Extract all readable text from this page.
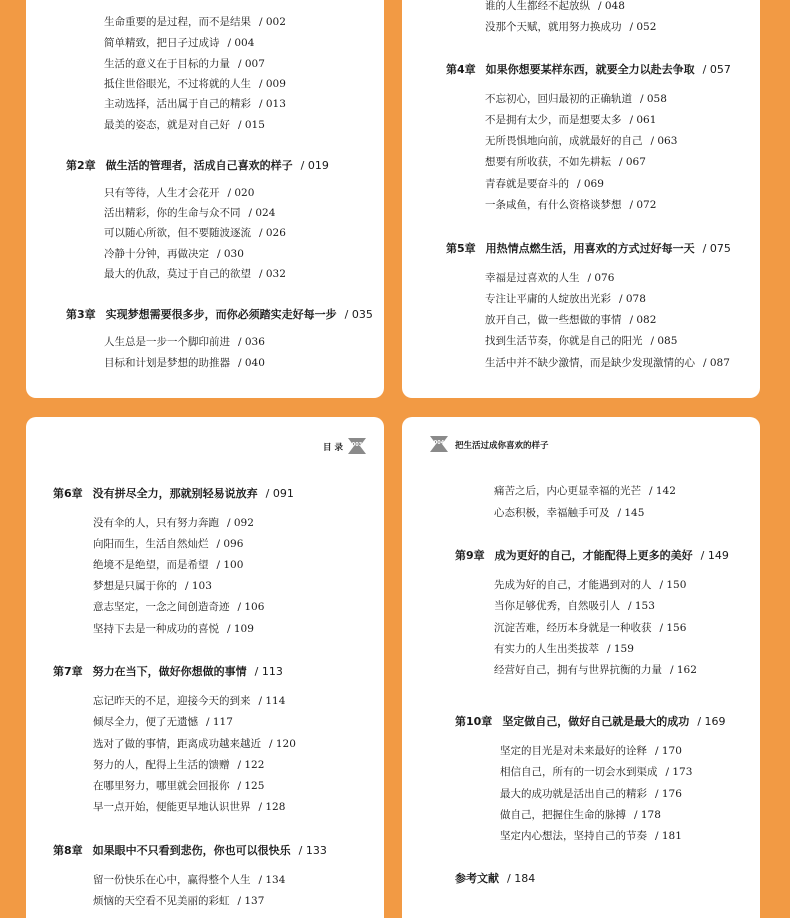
生命重要的是过程，而不是结果 / 002
简单精致，把日子过成诗 / 004
生活的意义在于目标的力量 / 007
抵住世俗眼光，不过将就的人生 / 009
主动选择，活出属于自己的精彩 / 013
最美的姿态，就是对自己好 / 015
第2章 做生活的管理者，活成自己喜欢的样子 / 019
只有等待，人生才会花开 / 020
活出精彩，你的生命与众不同 / 024
可以随心所欲，但不要随波逐流 / 026
冷静十分钟，再做决定 / 030
最大的仇敌，莫过于自己的欲望 / 032
第3章 实现梦想需要很多步，而你必须踏实走好每一步 / 035
人生总是一步一个脚印前进 / 036
目标和计划是梦想的助推器 / 040
谁的人生都经不起放纵 / 048
没那个天赋，就用努力换成功 / 052
第4章 如果你想要某样东西，就要全力以赴去争取 / 057
不忘初心，回归最初的正确轨道 / 058
不是拥有太少，而是想要太多 / 061
无所畏惧地向前，成就最好的自己 / 063
想要有所收获，不如先耕耘 / 067
青春就是要奋斗的 / 069
一条咸鱼，有什么资格谈梦想 / 072
第5章 用热情点燃生活，用喜欢的方式过好每一天 / 075
幸福是过喜欢的人生 / 076
专注让平庸的人绽放出光彩 / 078
放开自己，做一些想做的事情 / 082
找到生活节奏，你就是自己的阳光 / 085
生活中并不缺少激情，而是缺少发现激情的心 / 087
目 录	003
第6章 没有拼尽全力，那就别轻易说放弃 / 091
没有伞的人，只有努力奔跑 / 092
向阳而生，生活自然灿烂 / 096
绝境不是绝望，而是希望 / 100
梦想是只属于你的 / 103
意志坚定，一念之间创造奇迹 / 106
坚持下去是一种成功的喜悦 / 109
第7章 努力在当下，做好你想做的事情 / 113
忘记昨天的不足，迎接今天的到来 / 114
倾尽全力，便了无遗憾 / 117
选对了做的事情，距离成功越来越近 / 120
努力的人，配得上生活的馈赠 / 122
在哪里努力，哪里就会回报你 / 125
早一点开始，便能更早地认识世界 / 128
第8章 如果眼中不只看到悲伤，你也可以很快乐 / 133
留一份快乐在心中，赢得整个人生 / 134
烦恼的天空看不见美丽的彩虹 / 137
004	把生活过成你喜欢的样子
痛苦之后，内心更显幸福的光芒 / 142
心态积极，幸福触手可及 / 145
第9章 成为更好的自己，才能配得上更多的美好 / 149
先成为好的自己，才能遇到对的人 / 150
当你足够优秀，自然吸引人 / 153
沉淀苦难，经历本身就是一种收获 / 156
有实力的人生出类拔萃 / 159
经营好自己，拥有与世界抗衡的力量 / 162
第10章 坚定做自己，做好自己就是最大的成功 / 169
坚定的目光是对未来最好的诠释 / 170
相信自己，所有的一切会水到渠成 / 173
最大的成功就是活出自己的精彩 / 176
做自己，把握住生命的脉搏 / 178
坚定内心想法，坚持自己的节奏 / 181
参考文献 / 184
